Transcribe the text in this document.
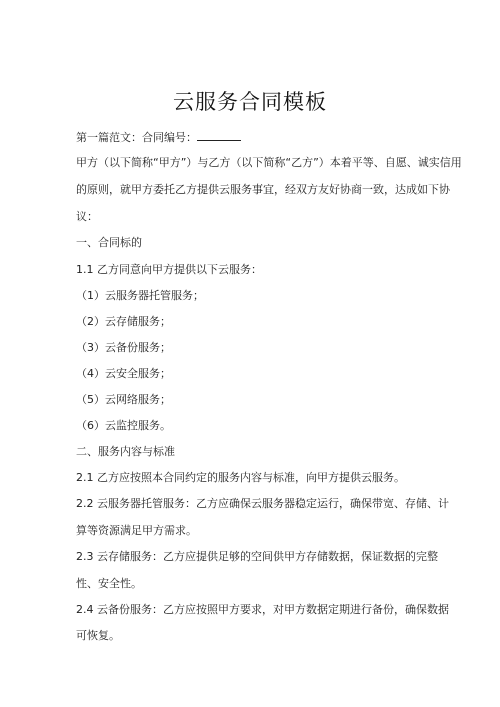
云服务合同模板
第一篇范文：合同编号：
甲方（以下简称“甲方”）与乙方（以下简称“乙方”）本着平等、自愿、诚实信用
的原则，就甲方委托乙方提供云服务事宜，经双方友好协商一致，达成如下协
议：
一、合同标的
1.1 乙方同意向甲方提供以下云服务：
（1）云服务器托管服务；
（2）云存储服务；
（3）云备份服务；
（4）云安全服务；
（5）云网络服务；
（6）云监控服务。
二、服务内容与标准
2.1 乙方应按照本合同约定的服务内容与标准，向甲方提供云服务。
2.2 云服务器托管服务：乙方应确保云服务器稳定运行，确保带宽、存储、计
算等资源满足甲方需求。
2.3 云存储服务：乙方应提供足够的空间供甲方存储数据，保证数据的完整
性、安全性。
2.4 云备份服务：乙方应按照甲方要求，对甲方数据定期进行备份，确保数据
可恢复。
